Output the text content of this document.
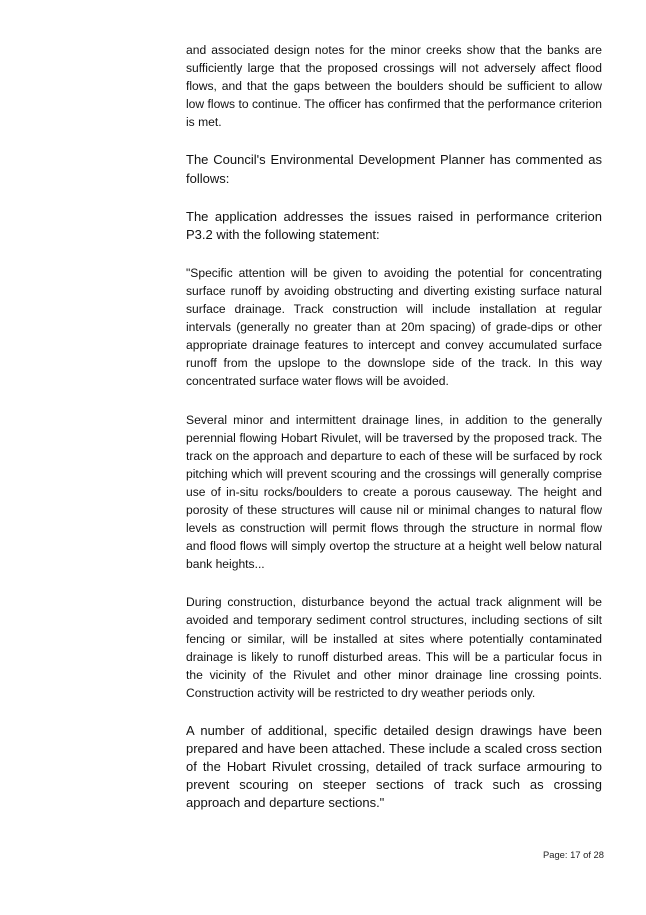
and associated design notes for the minor creeks show that the banks are sufficiently large that the proposed crossings will not adversely affect flood flows, and that the gaps between the boulders should be sufficient to allow low flows to continue. The officer has confirmed that the performance criterion is met.

The Council's Environmental Development Planner has commented as follows:

The application addresses the issues raised in performance criterion P3.2 with the following statement:

"Specific attention will be given to avoiding the potential for concentrating surface runoff by avoiding obstructing and diverting existing surface natural surface drainage. Track construction will include installation at regular intervals (generally no greater than at 20m spacing) of grade-dips or other appropriate drainage features to intercept and convey accumulated surface runoff from the upslope to the downslope side of the track. In this way concentrated surface water flows will be avoided.

Several minor and intermittent drainage lines, in addition to the generally perennial flowing Hobart Rivulet, will be traversed by the proposed track. The track on the approach and departure to each of these will be surfaced by rock pitching which will prevent scouring and the crossings will generally comprise use of in-situ rocks/boulders to create a porous causeway. The height and porosity of these structures will cause nil or minimal changes to natural flow levels as construction will permit flows through the structure in normal flow and flood flows will simply overtop the structure at a height well below natural bank heights...

During construction, disturbance beyond the actual track alignment will be avoided and temporary sediment control structures, including sections of silt fencing or similar, will be installed at sites where potentially contaminated drainage is likely to runoff disturbed areas. This will be a particular focus in the vicinity of the Rivulet and other minor drainage line crossing points. Construction activity will be restricted to dry weather periods only.

A number of additional, specific detailed design drawings have been prepared and have been attached. These include a scaled cross section of the Hobart Rivulet crossing, detailed of track surface armouring to prevent scouring on steeper sections of track such as crossing approach and departure sections."

Page: 17 of 28
